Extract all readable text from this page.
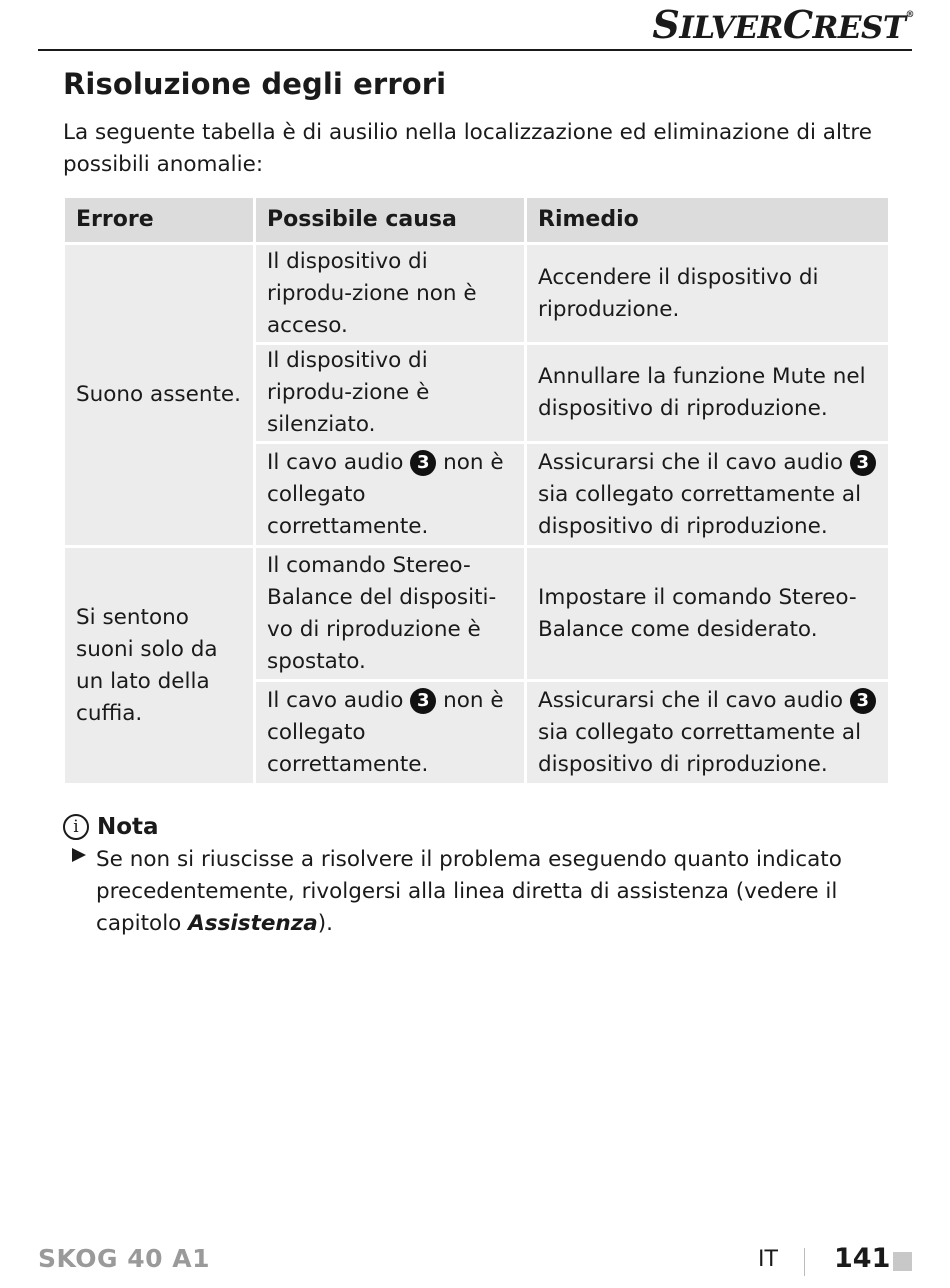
SILVERCREST®
Risoluzione degli errori

La seguente tabella è di ausilio nella localizzazione ed eliminazione di altre possibili anomalie:

Errore	Possibile causa	Rimedio
Suono assente.	Il dispositivo di riprodu-zione non è acceso.	Accendere il dispositivo di riproduzione.
	Il dispositivo di riprodu-zione è silenziato.	Annullare la funzione Mute nel dispositivo di riproduzione.
	Il cavo audio 3 non è collegato correttamente.	Assicurarsi che il cavo audio 3 sia collegato correttamente al dispositivo di riproduzione.
Si sentono suoni solo da un lato della cuffia.	Il comando Stereo-Balance del dispositi-vo di riproduzione è spostato.	Impostare il comando Stereo-Balance come desiderato.
	Il cavo audio 3 non è collegato correttamente.	Assicurarsi che il cavo audio 3 sia collegato correttamente al dispositivo di riproduzione.
i Nota
Se non si riuscisse a risolvere il problema eseguendo quanto indicato precedentemente, rivolgersi alla linea diretta di assistenza (vedere il capitolo Assistenza).
SKOG 40 A1	IT 141
